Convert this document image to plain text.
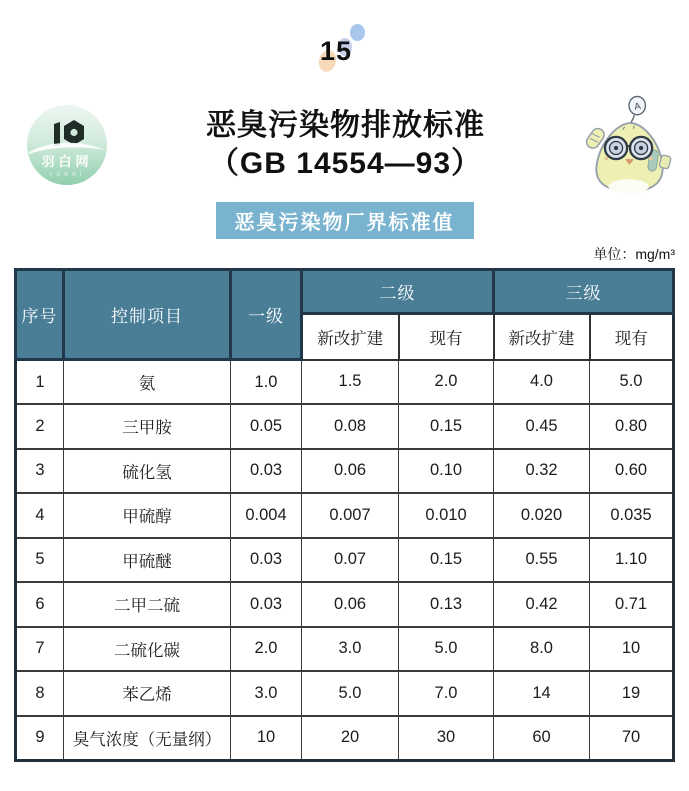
15
羽白网
YUBAI
恶臭污染物排放标准
（GB 14554—93）
A
恶臭污染物厂界标准值
单位：mg/m³
序号	控制项目	一级	二级		三级	
			新改扩建	现有	新改扩建	现有
1	氨	1.0	1.5	2.0	4.0	5.0
2	三甲胺	0.05	0.08	0.15	0.45	0.80
3	硫化氢	0.03	0.06	0.10	0.32	0.60
4	甲硫醇	0.004	0.007	0.010	0.020	0.035
5	甲硫醚	0.03	0.07	0.15	0.55	1.10
6	二甲二硫	0.03	0.06	0.13	0.42	0.71
7	二硫化碳	2.0	3.0	5.0	8.0	10
8	苯乙烯	3.0	5.0	7.0	14	19
9	臭气浓度（无量纲）	10	20	30	60	70
